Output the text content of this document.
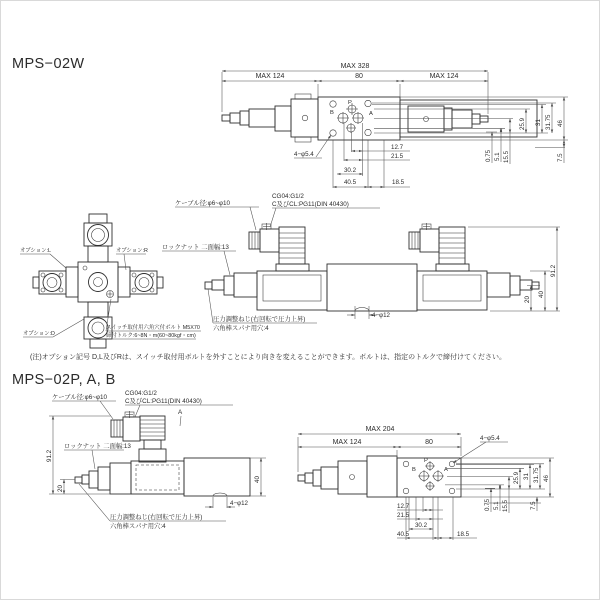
MPS−02W
MPS−02P, A, B
(注)オプション記号 D,L及びRは、スイッチ取付用ボルトを外すことにより向きを変えることができます。ボルトは、指定のトルクで締付けてください。
P
B	A
MAX 328
MAX 124	80	MAX 124
4−φ5.4
12.7
21.5
30.2
40.5	18.5
0.75 5.1 15.5
25.9 31 31.75 46
7.5
オプション:L	オプション:R
オプション:D
スイッチ取付用六角穴付ボルト M5X70
締付トルク:6~8N・m(60~80kgf・cm)
ケーブル径:φ6~φ10
CG04:G1/2
C及びCL:PG11(DIN 40430)
ロックナット 二面幅:13
圧力調整ねじ(右回転で圧力上昇)
六角棒スパナ用穴:4
4−φ12
91.2
40
20
ケーブル径:φ6~φ10
CG04:G1/2
C及びCL:PG11(DIN 40430)
A
ロックナット 二面幅:13
圧力調整ねじ(右回転で圧力上昇)
六角棒スパナ用穴:4
4−φ12
91.2
20
40
P
B	A
MAX 204
MAX 124	80
4−φ5.4
12.7
21.5
30.2
40.5	18.5
0.75 5.1 15.5
25.9 31 31.75 46
7.5
